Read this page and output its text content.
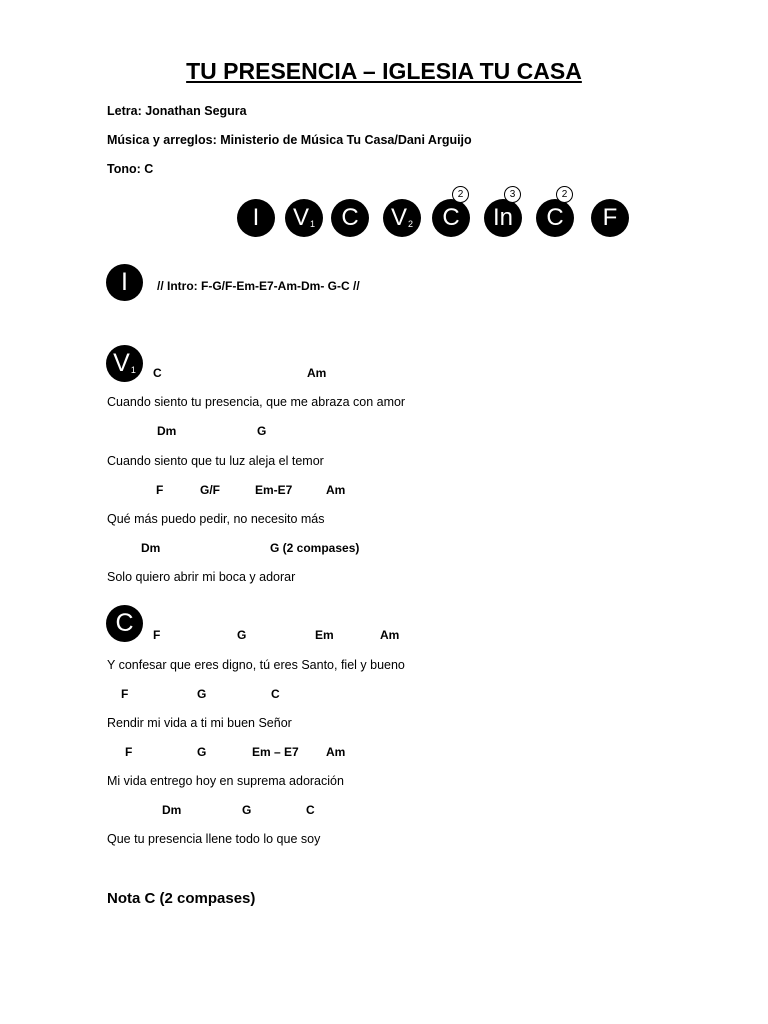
TU PRESENCIA – IGLESIA TU CASA
Letra: Jonathan Segura
Música y arreglos: Ministerio de Música Tu Casa/Dani Arguijo
Tono: C
I V 1 C V 2 C
2
In
3
C
2
F
I // Intro: F-G/F-Em-E7-Am-Dm- G-C //
V 1 C	Am
Cuando siento tu presencia, que me abraza con amor
Dm	G
Cuando siento que tu luz aleja el temor
F	G/F	Em-E7	Am
Qué más puedo pedir, no necesito más
Dm	G (2 compases)
Solo quiero abrir mi boca y adorar
C F	G	Em	Am
Y confesar que eres digno, tú eres Santo, fiel y bueno
F	G	C
Rendir mi vida a ti mi buen Señor
F	G	Em – E7 Am
Mi vida entrego hoy en suprema adoración
Dm	G	C
Que tu presencia llene todo lo que soy
Nota C (2 compases)
